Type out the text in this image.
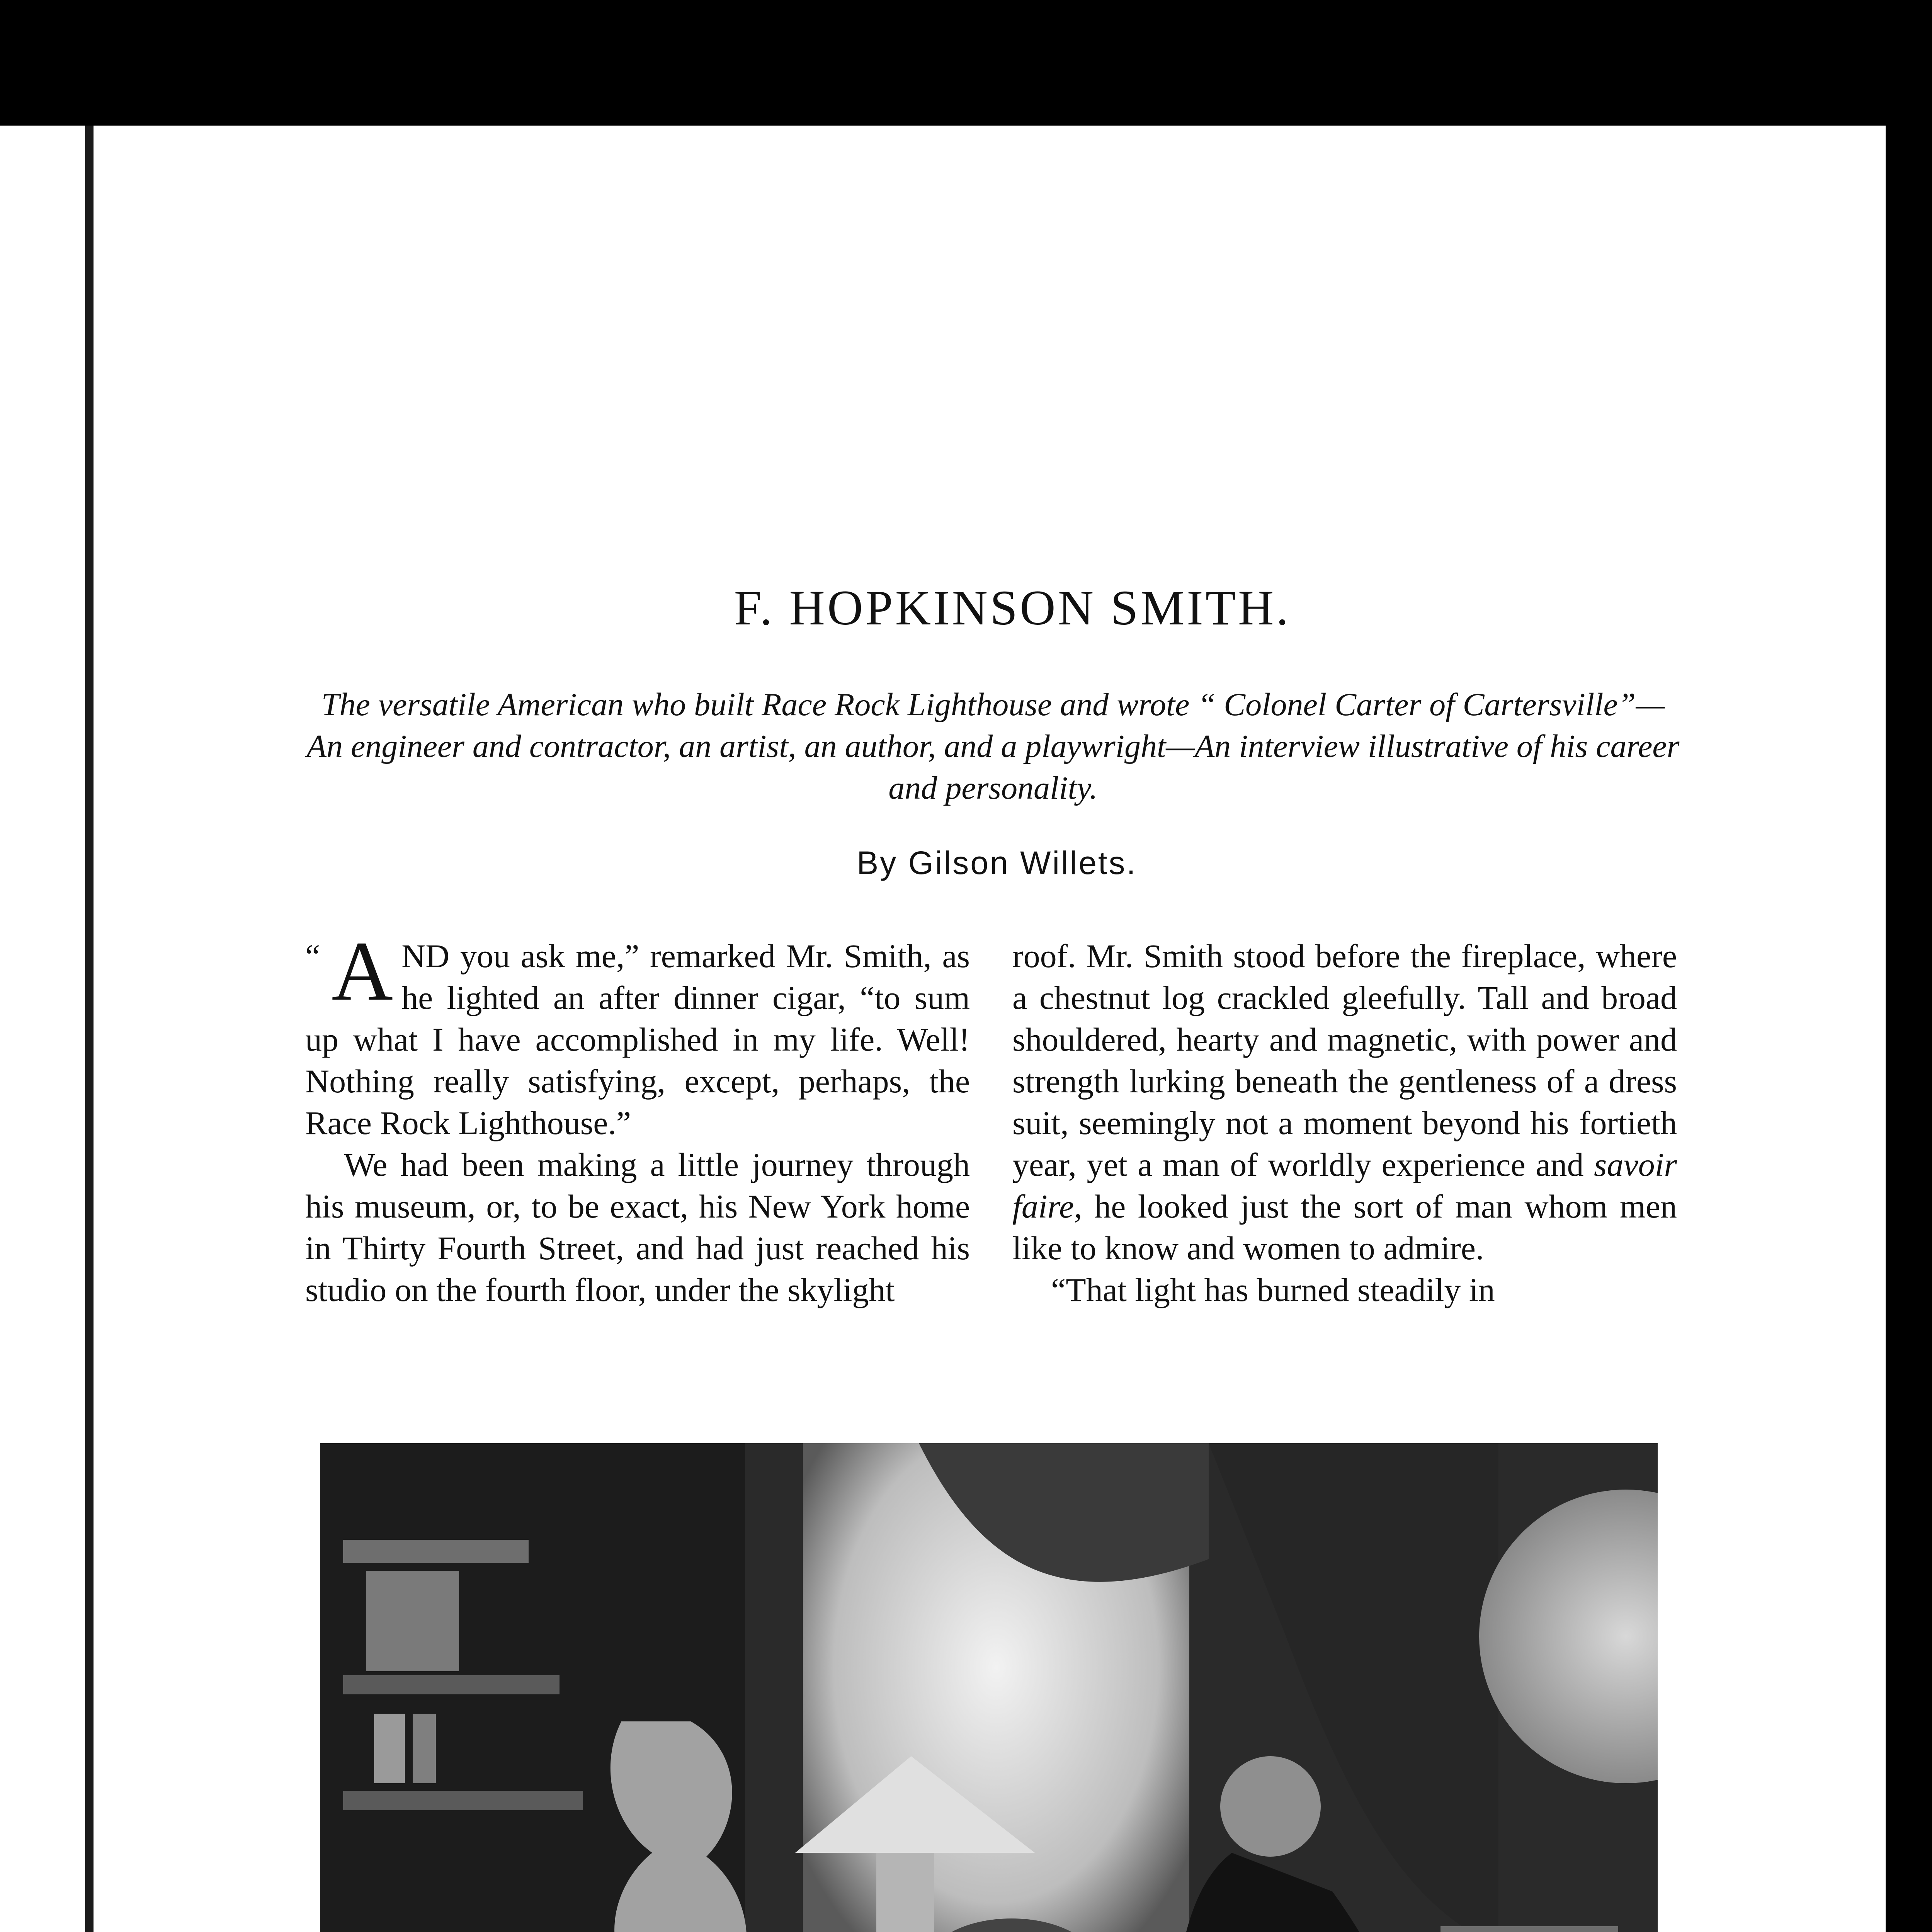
F. HOPKINSON SMITH.
The versatile American who built Race Rock Lighthouse and wrote “ Colonel Carter of Cartersville”—An engineer and contractor, an artist, an author, and a playwright—An interview illustrative of his career and personality.
By Gilson Willets.

“ A ND you ask me,” remarked Mr. Smith, as he lighted an after dinner cigar, “to sum up what I have accomplished in my life. Well! Nothing really satisfying, except, perhaps, the Race Rock Lighthouse.”

We had been making a little journey through his museum, or, to be exact, his New York home in Thirty Fourth Street, and had just reached his studio on the fourth floor, under the skylight

roof. Mr. Smith stood before the fireplace, where a chestnut log crackled gleefully. Tall and broad shouldered, hearty and magnetic, with power and strength lurking beneath the gentleness of a dress suit, seemingly not a moment beyond his fortieth year, yet a man of worldly experience and savoir faire, he looked just the sort of man whom men like to know and women to admire.

“That light has burned steadily in
